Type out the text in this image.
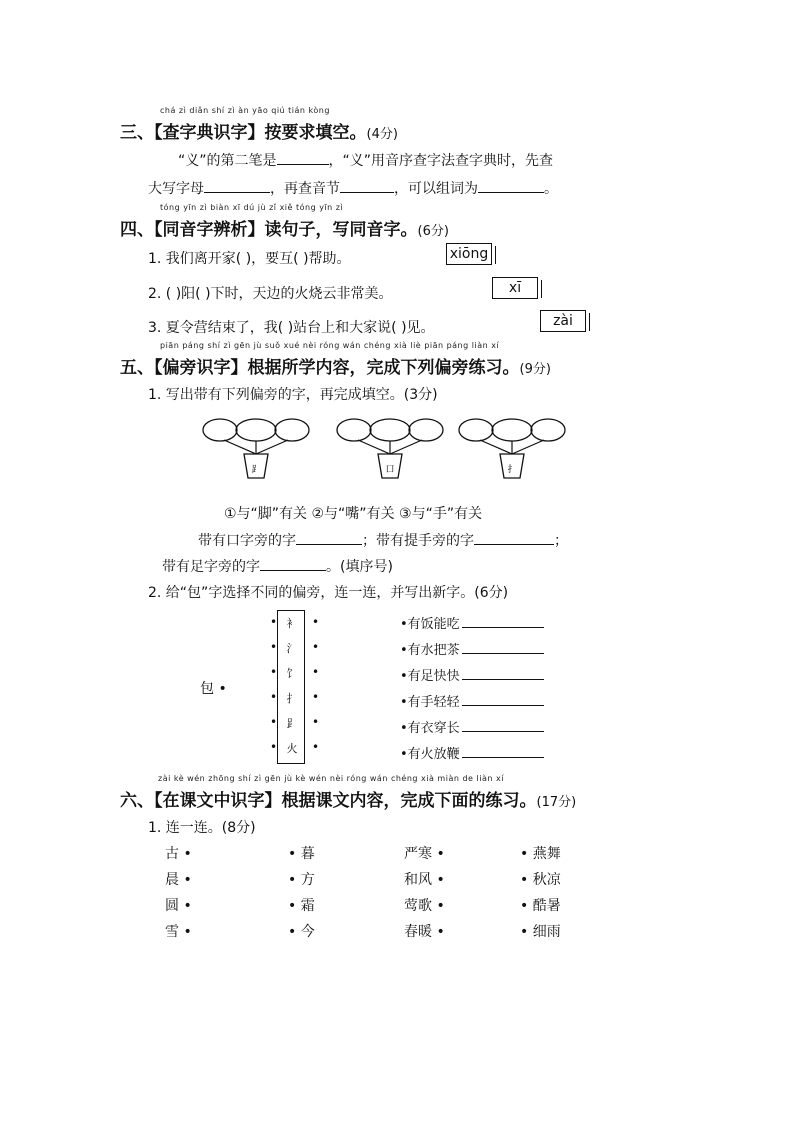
chá zì diǎn shí zì àn yāo qiú tián kòng
三、【查字典识字】按要求填空。(4分)
“义”的第二笔是	，“义”用音序查字法查字典时，先查
大写字母	，再查音节	，可以组词为	。
tóng yīn zì biàn xī dú jù zǐ xiě tóng yīn zì
四、【同音字辨析】读句子，写同音字。(6分)
1. 我们离开家( )，要互( )帮助。	xiōng
2. ( )阳( )下时，天边的火烧云非常美。	xī
3. 夏令营结束了，我( )站台上和大家说( )见。	zài
piān páng shí zì gēn jù suǒ xué nèi róng wán chéng xià liè piān páng liàn xí
五、【偏旁识字】根据所学内容，完成下列偏旁练习。(9分)
1. 写出带有下列偏旁的字，再完成填空。(3分)
⻊	口	扌
①与“脚”有关 ②与“嘴”有关 ③与“手”有关
带有口字旁的字	；带有提手旁的字	；
带有足字旁的字	。(填序号)
2. 给“包”字选择不同的偏旁，连一连，并写出新字。(6分)
包 •
•
•
•
•
•
•
衤
氵
饣
扌
⻊
火
•
•
•
•
•
•
•有饭能吃
•有水把茶
•有足快快
•有手轻轻
•有衣穿长
•有火放鞭
zài kè wén zhōng shí zì gēn jù kè wén nèi róng wán chéng xià miàn de liàn xí
六、【在课文中识字】根据课文内容，完成下面的练习。(17分)
1. 连一连。(8分)
古 •
晨 •
圆 •
雪 •
• 暮
• 方
• 霜
• 今
严寒 •
和风 •
莺歌 •
春暖 •
• 燕舞
• 秋凉
• 酷暑
• 细雨
